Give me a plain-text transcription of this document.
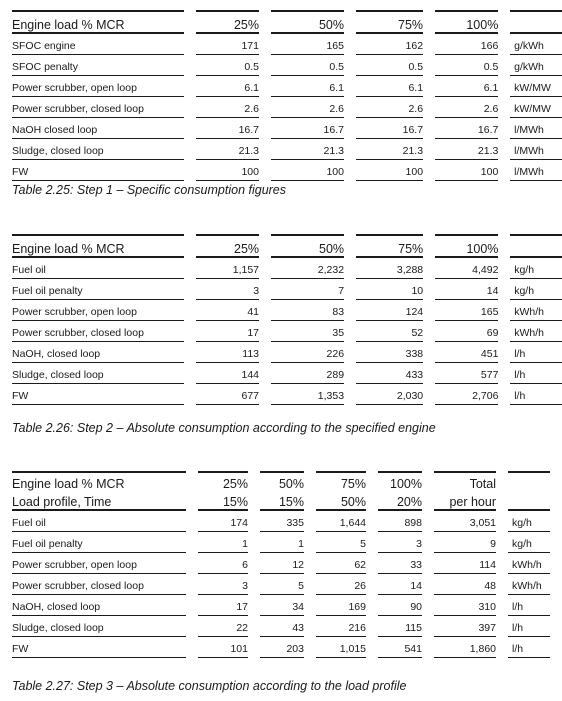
Engine load % MCR		25%		50%		75%		100%		
SFOC engine		171		165		162		166		g/kWh
SFOC penalty		0.5		0.5		0.5		0.5		g/kWh
Power scrubber, open loop		6.1		6.1		6.1		6.1		kW/MW
Power scrubber, closed loop		2.6		2.6		2.6		2.6		kW/MW
NaOH closed loop		16.7		16.7		16.7		16.7		l/MWh
Sludge, closed loop		21.3		21.3		21.3		21.3		l/MWh
FW		100		100		100		100		l/MWh
Table 2.25: Step 1 – Specific consumption figures
Engine load % MCR		25%		50%		75%		100%		
Fuel oil		1,157		2,232		3,288		4,492		kg/h
Fuel oil penalty		3		7		10		14		kg/h
Power scrubber, open loop		41		83		124		165		kWh/h
Power scrubber, closed loop		17		35		52		69		kWh/h
NaOH, closed loop		113		226		338		451		l/h
Sludge, closed loop		144		289		433		577		l/h
FW		677		1,353		2,030		2,706		l/h
Table 2.26: Step 2 – Absolute consumption according to the specified engine
Engine load % MCR		25%		50%		75%		100%		Total		
Load profile, Time		15%		15%		50%		20%		per hour		
Fuel oil		174		335		1,644		898		3,051		kg/h
Fuel oil penalty		1		1		5		3		9		kg/h
Power scrubber, open loop		6		12		62		33		114		kWh/h
Power scrubber, closed loop		3		5		26		14		48		kWh/h
NaOH, closed loop		17		34		169		90		310		l/h
Sludge, closed loop		22		43		216		115		397		l/h
FW		101		203		1,015		541		1,860		l/h
Table 2.27: Step 3 – Absolute consumption according to the load profile
